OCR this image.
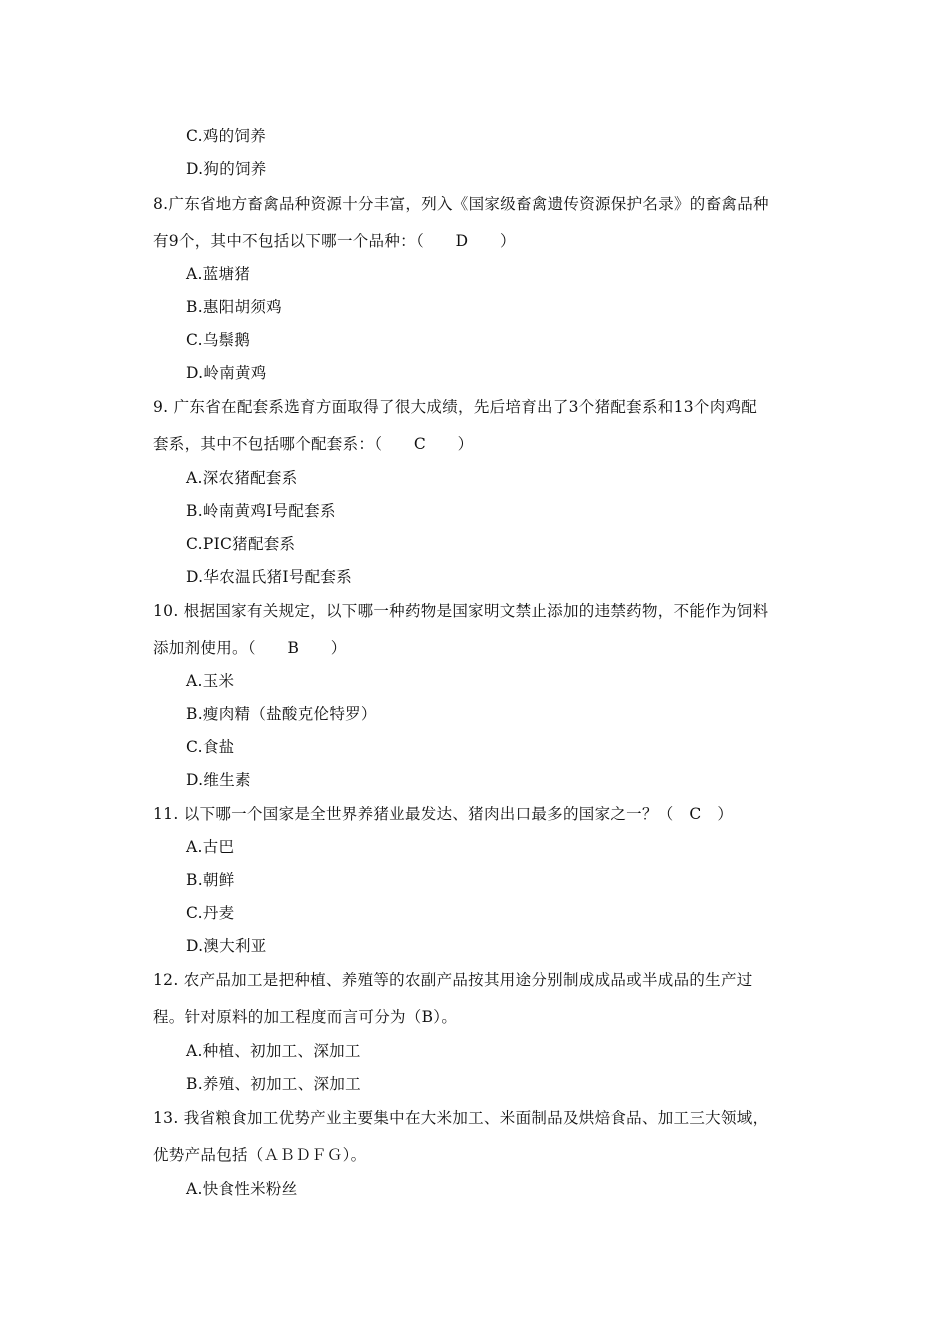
C.鸡的饲养
D.狗的饲养
8.广东省地方畜禽品种资源十分丰富，列入《国家级畜禽遗传资源保护名录》的畜禽品种
有9个，其中不包括以下哪一个品种：（　　D　　）
A.蓝塘猪
B.惠阳胡须鸡
C.乌鬃鹅
D.岭南黄鸡
9. 广东省在配套系选育方面取得了很大成绩，先后培育出了3个猪配套系和13个肉鸡配
套系，其中不包括哪个配套系：（　　C　　）
A.深农猪配套系
B.岭南黄鸡Ⅰ号配套系
C.PIC猪配套系
D.华农温氏猪Ⅰ号配套系
10. 根据国家有关规定，以下哪一种药物是国家明文禁止添加的违禁药物，不能作为饲料
添加剂使用。（　　B　　）
A.玉米
B.瘦肉精（盐酸克伦特罗）
C.食盐
D.维生素
11. 以下哪一个国家是全世界养猪业最发达、猪肉出口最多的国家之一？（　C　）
A.古巴
B.朝鲜
C.丹麦
D.澳大利亚
12. 农产品加工是把种植、养殖等的农副产品按其用途分别制成成品或半成品的生产过
程。针对原料的加工程度而言可分为（B）。
A.种植、初加工、深加工
B.养殖、初加工、深加工
13. 我省粮食加工优势产业主要集中在大米加工、米面制品及烘焙食品、加工三大领域，
优势产品包括（ＡＢＤＦＧ）。
A.快食性米粉丝
